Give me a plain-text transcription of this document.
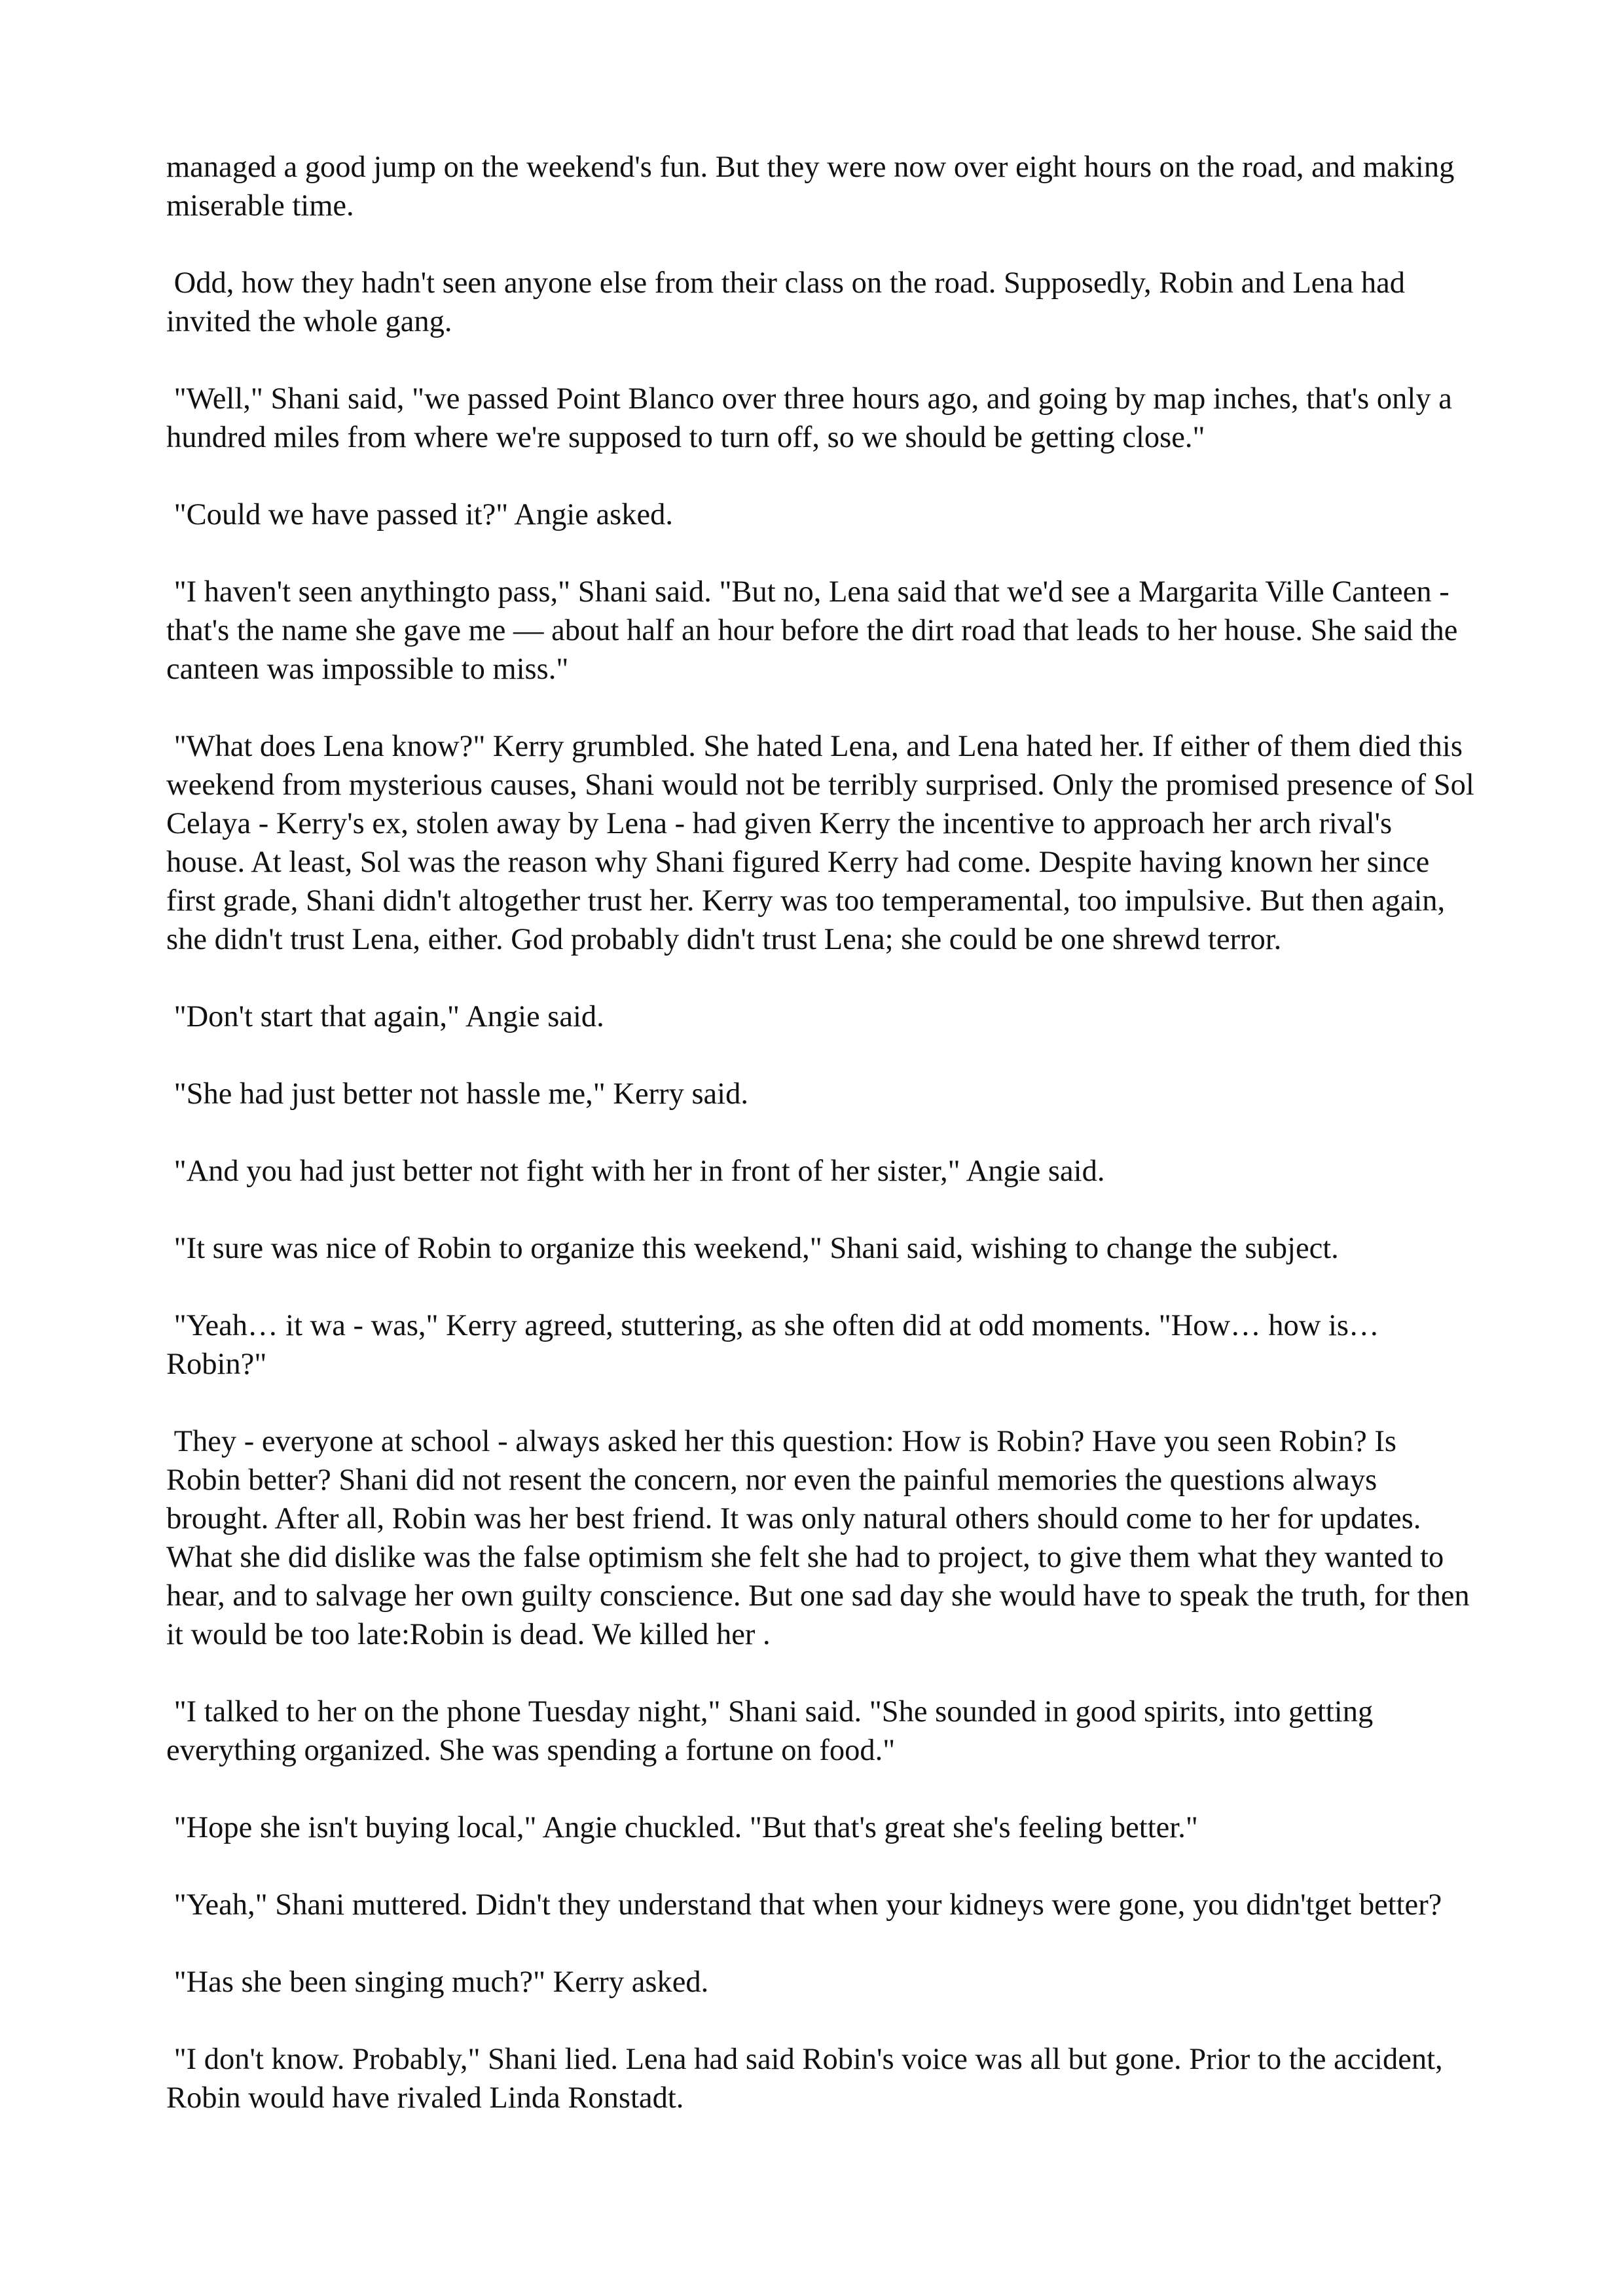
managed a good jump on the weekend's fun. But they were now over eight hours on the road, and making miserable time.

Odd, how they hadn't seen anyone else from their class on the road. Supposedly, Robin and Lena had invited the whole gang.

"Well," Shani said, "we passed Point Blanco over three hours ago, and going by map inches, that's only a hundred miles from where we're supposed to turn off, so we should be getting close."

"Could we have passed it?" Angie asked.

"I haven't seen anythingto pass," Shani said. "But no, Lena said that we'd see a Margarita Ville Canteen - that's the name she gave me — about half an hour before the dirt road that leads to her house. She said the canteen was impossible to miss."

"What does Lena know?" Kerry grumbled. She hated Lena, and Lena hated her. If either of them died this weekend from mysterious causes, Shani would not be terribly surprised. Only the promised presence of Sol Celaya - Kerry's ex, stolen away by Lena - had given Kerry the incentive to approach her arch rival's house. At least, Sol was the reason why Shani figured Kerry had come. Despite having known her since first grade, Shani didn't altogether trust her. Kerry was too temperamental, too impulsive. But then again, she didn't trust Lena, either. God probably didn't trust Lena; she could be one shrewd terror.

"Don't start that again," Angie said.

"She had just better not hassle me," Kerry said.

"And you had just better not fight with her in front of her sister," Angie said.

"It sure was nice of Robin to organize this weekend," Shani said, wishing to change the subject.

"Yeah… it wa - was," Kerry agreed, stuttering, as she often did at odd moments. "How… how is… Robin?"

They - everyone at school - always asked her this question: How is Robin? Have you seen Robin? Is Robin better? Shani did not resent the concern, nor even the painful memories the questions always brought. After all, Robin was her best friend. It was only natural others should come to her for updates. What she did dislike was the false optimism she felt she had to project, to give them what they wanted to hear, and to salvage her own guilty conscience. But one sad day she would have to speak the truth, for then it would be too late:Robin is dead. We killed her .

"I talked to her on the phone Tuesday night," Shani said. "She sounded in good spirits, into getting everything organized. She was spending a fortune on food."

"Hope she isn't buying local," Angie chuckled. "But that's great she's feeling better."

"Yeah," Shani muttered. Didn't they understand that when your kidneys were gone, you didn'tget better?

"Has she been singing much?" Kerry asked.

"I don't know. Probably," Shani lied. Lena had said Robin's voice was all but gone. Prior to the accident, Robin would have rivaled Linda Ronstadt.
